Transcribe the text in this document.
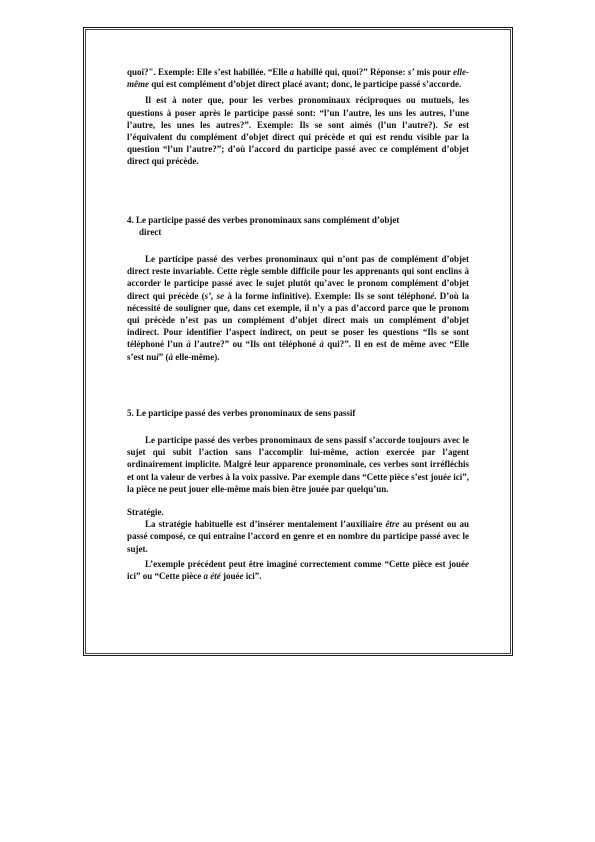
quoi?". Exemple: Elle s’est habillée. “Elle a habillé qui, quoi?” Réponse: s’ mis pour elle-même qui est complément d’objet direct placé avant; donc, le participe passé s’accorde.

Il est à noter que, pour les verbes pronominaux réciproques ou mutuels, les questions à poser après le participe passé sont: “l’un l’autre, les uns les autres, l’une l’autre, les unes les autres?”. Exemple: Ils se sont aimés (l’un l’autre?). Se est l’équivalent du complément d’objet direct qui précède et qui est rendu visible par la question “l’un l’autre?”; d’où l’accord du participe passé avec ce complément d’objet direct qui précède.

4. Le participe passé des verbes pronominaux sans complément d’objet
direct

Le participe passé des verbes pronominaux qui n’ont pas de complément d’objet direct reste invariable. Cette règle semble difficile pour les apprenants qui sont enclins à accorder le participe passé avec le sujet plutôt qu’avec le pronom complément d’objet direct qui précède (s’, se à la forme infinitive). Exemple: Ils se sont téléphoné. D’où la nécessité de souligner que, dans cet exemple, il n’y a pas d’accord parce que le pronom qui précède n’est pas un complément d’objet direct mais un complément d’objet indirect. Pour identifier l’aspect indirect, on peut se poser les questions “Ils se sont téléphoné l’un à l’autre?” ou “Ils ont téléphoné à qui?”. Il en est de même avec “Elle s’est nui” (à elle-même).

5. Le participe passé des verbes pronominaux de sens passif

Le participe passé des verbes pronominaux de sens passif s’accorde toujours avec le sujet qui subit l’action sans l’accomplir lui-même, action exercée par l’agent ordinairement implicite. Malgré leur apparence pronominale, ces verbes sont irréfléchis et ont la valeur de verbes à la voix passive. Par exemple dans “Cette pièce s’est jouée ici”, la pièce ne peut jouer elle-même mais bien être jouée par quelqu’un.

Stratégie.

La stratégie habituelle est d’insérer mentalement l’auxiliaire être au présent ou au passé composé, ce qui entraîne l’accord en genre et en nombre du participe passé avec le sujet.

L’exemple précédent peut être imaginé correctement comme “Cette pièce est jouée ici” ou “Cette pièce a été jouée ici”.
